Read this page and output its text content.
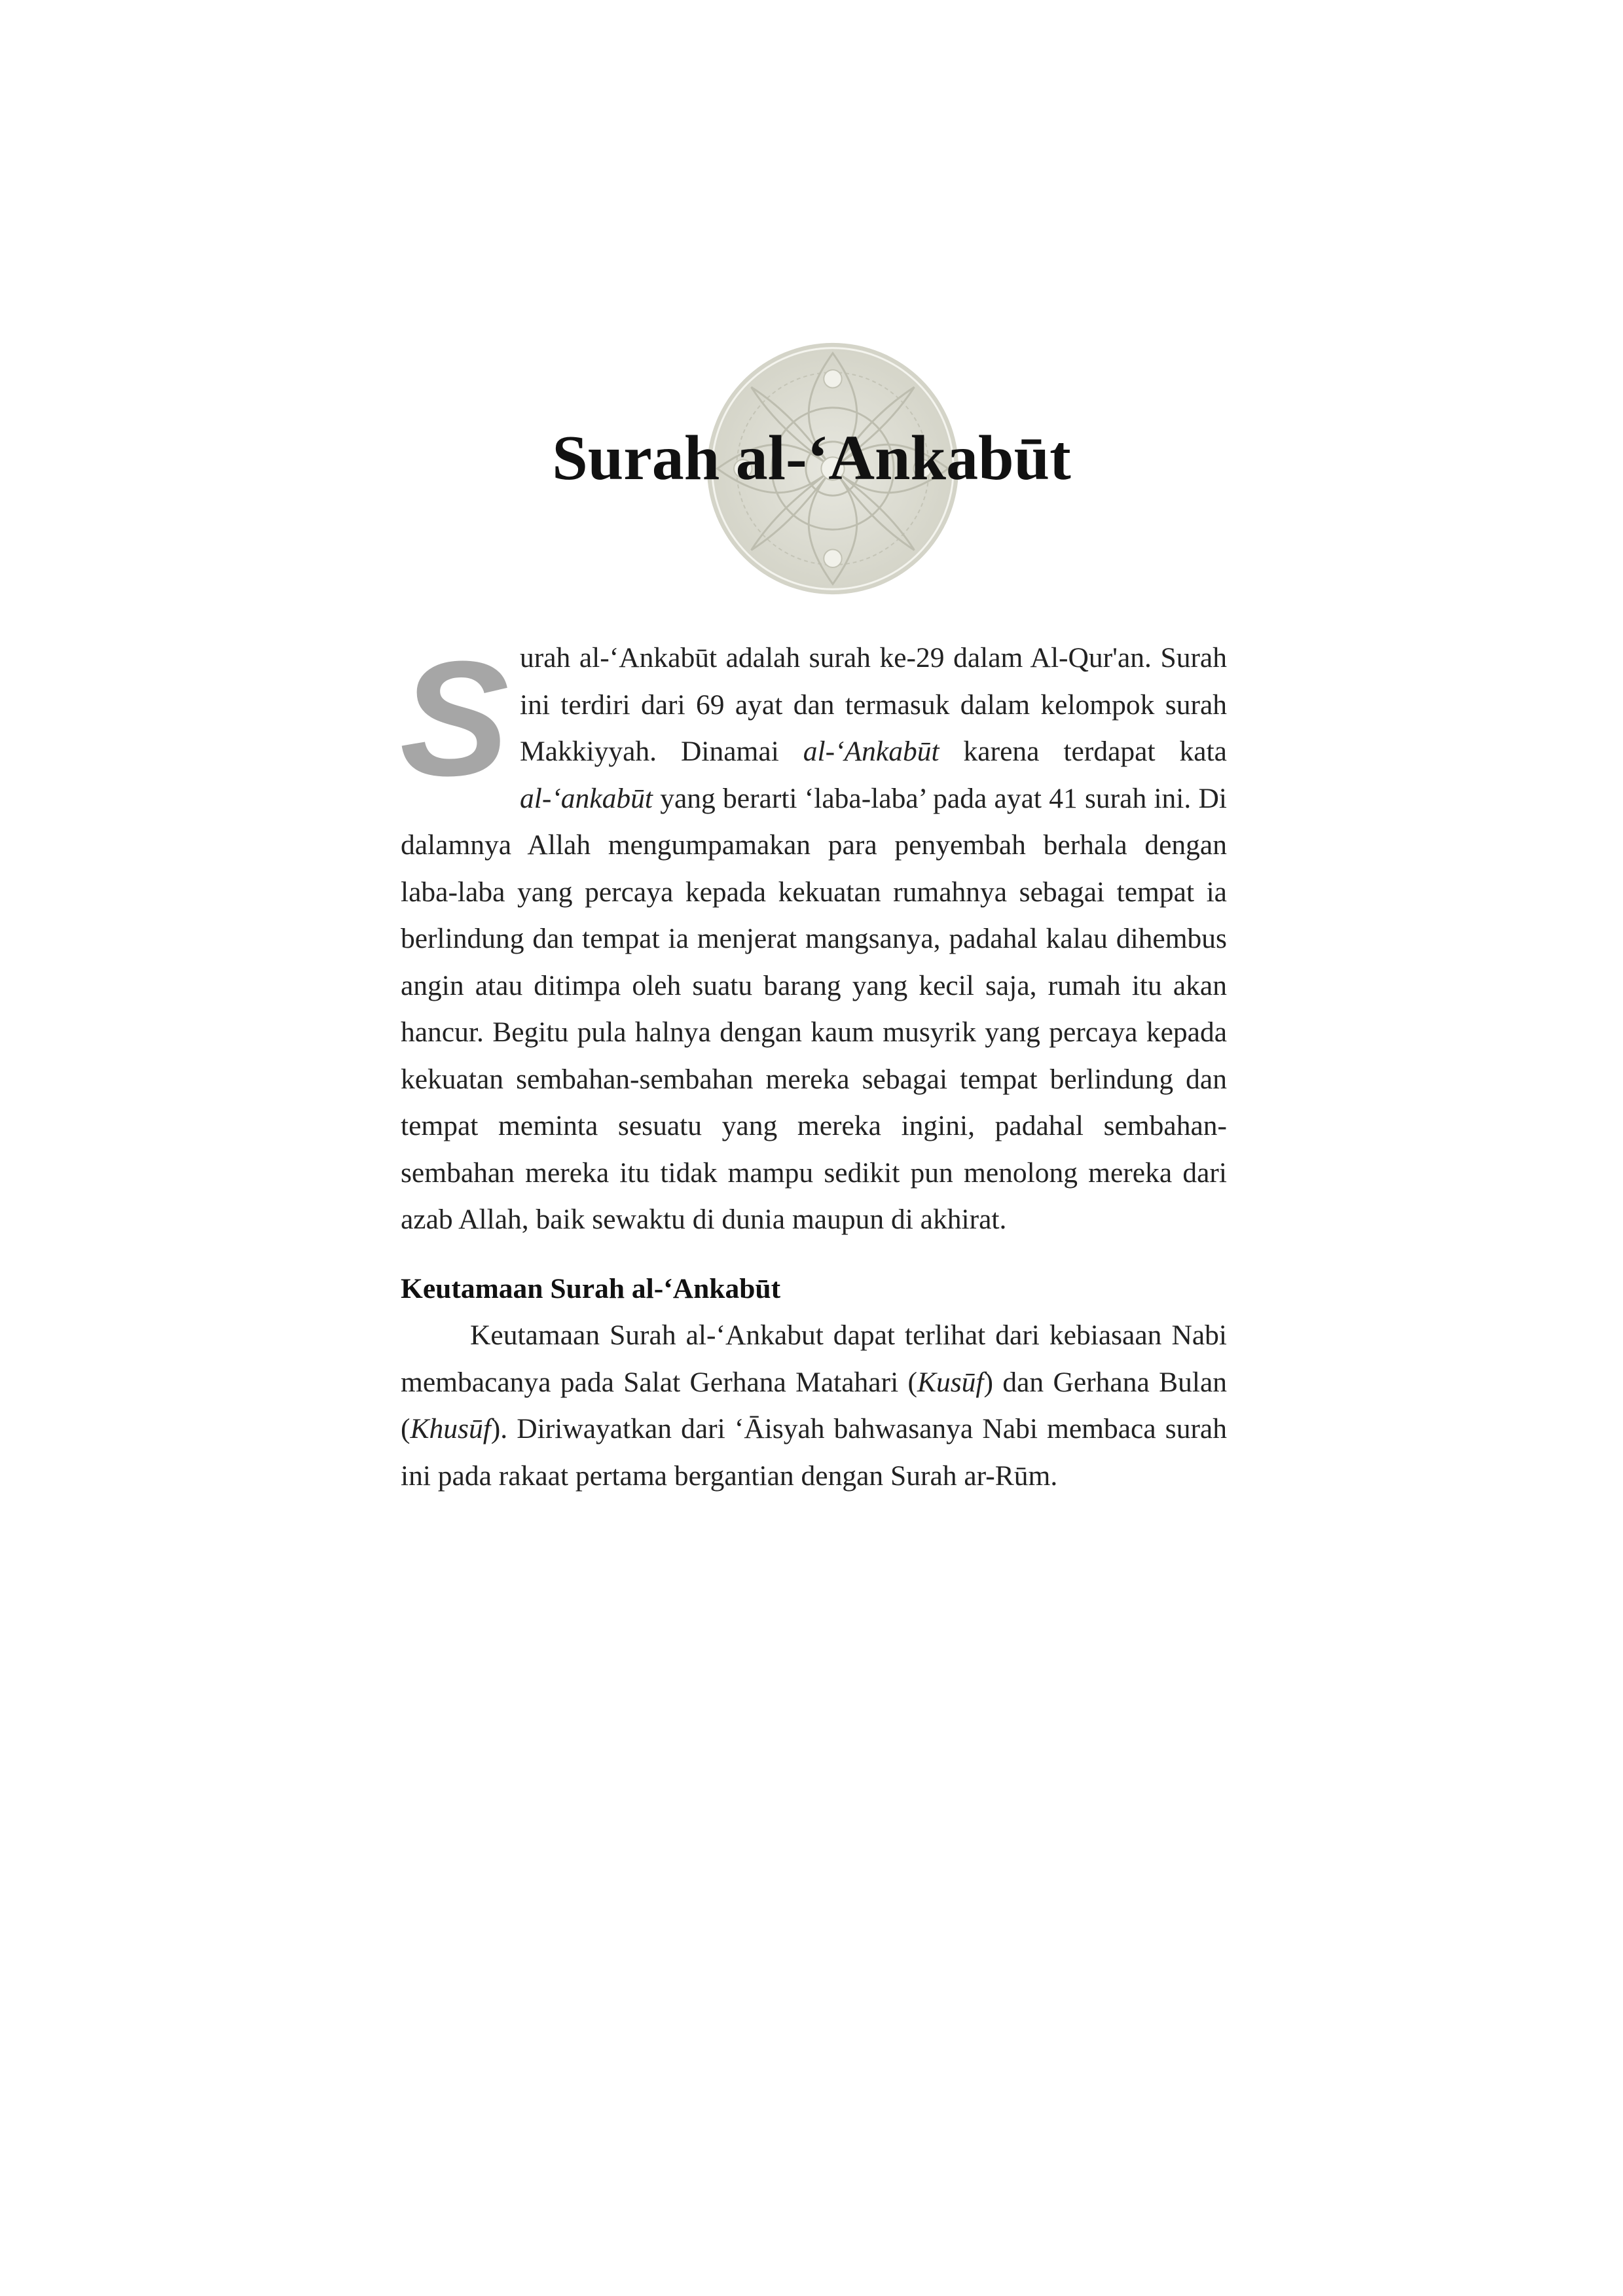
Surah al-‘Ankabūt

S urah al-‘Ankabūt adalah surah ke-29 dalam Al-Qur'an. Surah ini terdiri dari 69 ayat dan termasuk dalam kelompok surah Makkiyyah. Dinamai al-‘Ankabūt karena terdapat kata al-‘ankabūt yang berarti ‘laba-laba’ pada ayat 41 surah ini. Di dalamnya Allah mengumpamakan para penyembah berhala dengan laba-laba yang percaya kepada kekuatan rumahnya sebagai tempat ia berlindung dan tempat ia menjerat mangsanya, padahal kalau dihembus angin atau ditimpa oleh suatu barang yang kecil saja, rumah itu akan hancur. Begitu pula halnya dengan kaum musyrik yang percaya kepada kekuatan sembahan-sembahan mereka sebagai tempat berlindung dan tempat meminta sesuatu yang mereka ingini, padahal sembahan-sembahan mereka itu tidak mampu sedikit pun menolong mereka dari azab Allah, baik sewaktu di dunia maupun di akhirat.

Keutamaan Surah al-‘Ankabūt

Keutamaan Surah al-‘Ankabut dapat terlihat dari kebiasaan Nabi membacanya pada Salat Gerhana Matahari (Kusūf) dan Gerhana Bulan (Khusūf). Diriwayatkan dari ‘Āisyah bahwasanya Nabi membaca surah ini pada rakaat pertama bergantian dengan Surah ar-Rūm.
